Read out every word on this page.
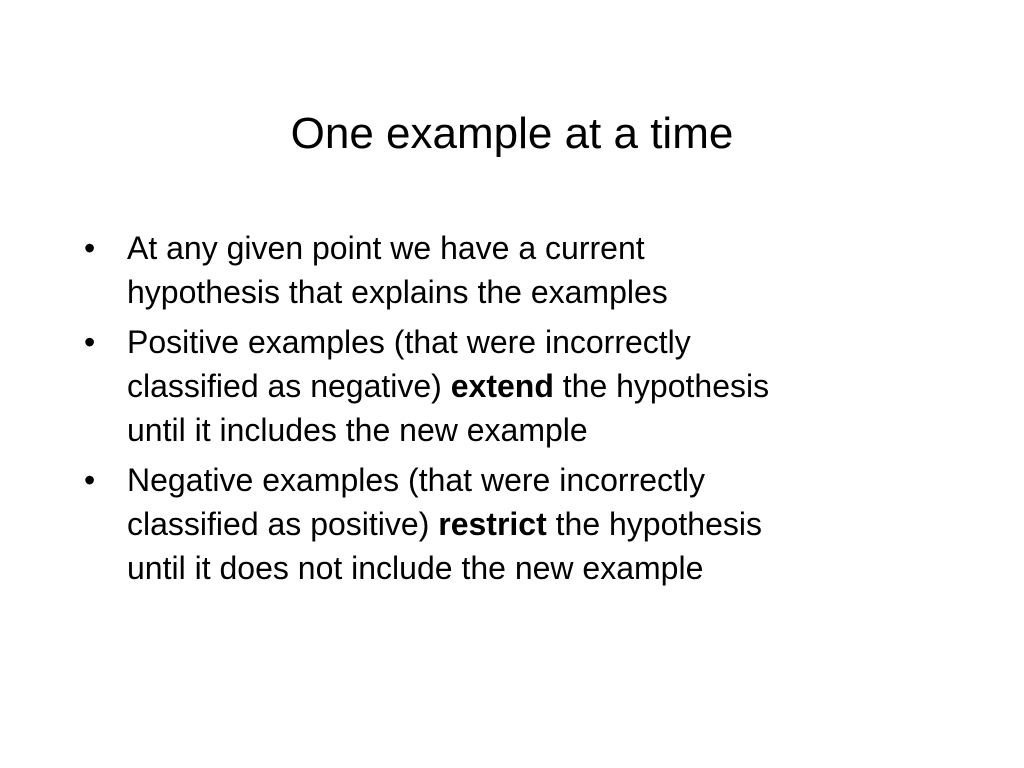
One example at a time
• At any given point we have a current
hypothesis that explains the examples
• Positive examples (that were incorrectly
classified as negative) extend the hypothesis
until it includes the new example
• Negative examples (that were incorrectly
classified as positive) restrict the hypothesis
until it does not include the new example
